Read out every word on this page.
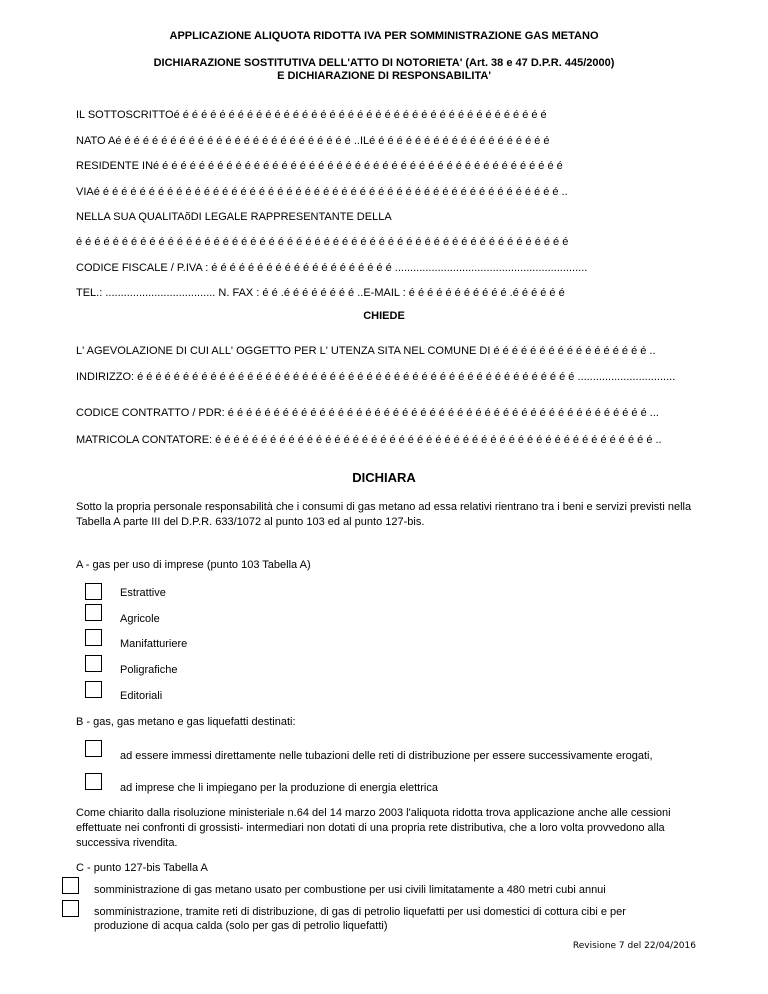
APPLICAZIONE ALIQUOTA RIDOTTA IVA PER SOMMINISTRAZIONE GAS METANO
DICHIARAZIONE SOSTITUTIVA DELL'ATTO DI NOTORIETA' (Art. 38 e 47 D.P.R. 445/2000)
E DICHIARAZIONE DI RESPONSABILITA'
IL SOTTOSCRITTOé é é é é é é é é é é é é é é é é é é é é é é é é é é é é é é é é é é é é é é é é
NATO Aé é é é é é é é é é é é é é é é é é é é é é é é é é ..ILé é é é é é é é é é é é é é é é é é é é
RESIDENTE INé é é é é é é é é é é é é é é é é é é é é é é é é é é é é é é é é é é é é é é é é é é é é
VIAé é é é é é é é é é é é é é é é é é é é é é é é é é é é é é é é é é é é é é é é é é é é é é é é é é é ..
NELLA SUA QUALITAõDI LEGALE RAPPRESENTANTE DELLA
é é é é é é é é é é é é é é é é é é é é é é é é é é é é é é é é é é é é é é é é é é é é é é é é é é é é é é
CODICE FISCALE / P.IVA : é é é é é é é é é é é é é é é é é é é é ...............................................................
TEL.: .................................... N. FAX : é é .é é é é é é é é ..E-MAIL : é é é é é é é é é é é .é é é é é é
CHIEDE
L' AGEVOLAZIONE DI CUI ALL' OGGETTO PER L' UTENZA SITA NEL COMUNE DI é é é é é é é é é é é é é é é é é ..
INDIRIZZO: é é é é é é é é é é é é é é é é é é é é é é é é é é é é é é é é é é é é é é é é é é é é é é é é ................................
CODICE CONTRATTO / PDR: é é é é é é é é é é é é é é é é é é é é é é é é é é é é é é é é é é é é é é é é é é é é é é ...
MATRICOLA CONTATORE: é é é é é é é é é é é é é é é é é é é é é é é é é é é é é é é é é é é é é é é é é é é é é é é é ..
DICHIARA
Sotto la propria personale responsabilità che i consumi di gas metano ad essa relativi rientrano tra i beni e servizi previsti nella Tabella A parte III del D.P.R. 633/1072 al punto 103 ed al punto 127-bis.
A - gas per uso di imprese (punto 103 Tabella A)
Estrattive
Agricole
Manifatturiere
Poligrafiche
Editoriali
B - gas, gas metano e gas liquefatti destinati:
ad essere immessi direttamente nelle tubazioni delle reti di distribuzione per essere successivamente erogati,
ad imprese che li impiegano per la produzione di energia elettrica
Come chiarito dalla risoluzione ministeriale n.64 del 14 marzo 2003 l'aliquota ridotta trova applicazione anche alle cessioni effettuate nei confronti di grossisti- intermediari non dotati di una propria rete distributiva, che a loro volta provvedono alla successiva rivendita.
C - punto 127-bis Tabella A
somministrazione di gas metano usato per combustione per usi civili limitatamente a 480 metri cubi annui
somministrazione, tramite reti di distribuzione, di gas di petrolio liquefatti per usi domestici di cottura cibi e per
produzione di acqua calda (solo per gas di petrolio liquefatti)
Revisione 7 del 22/04/2016
